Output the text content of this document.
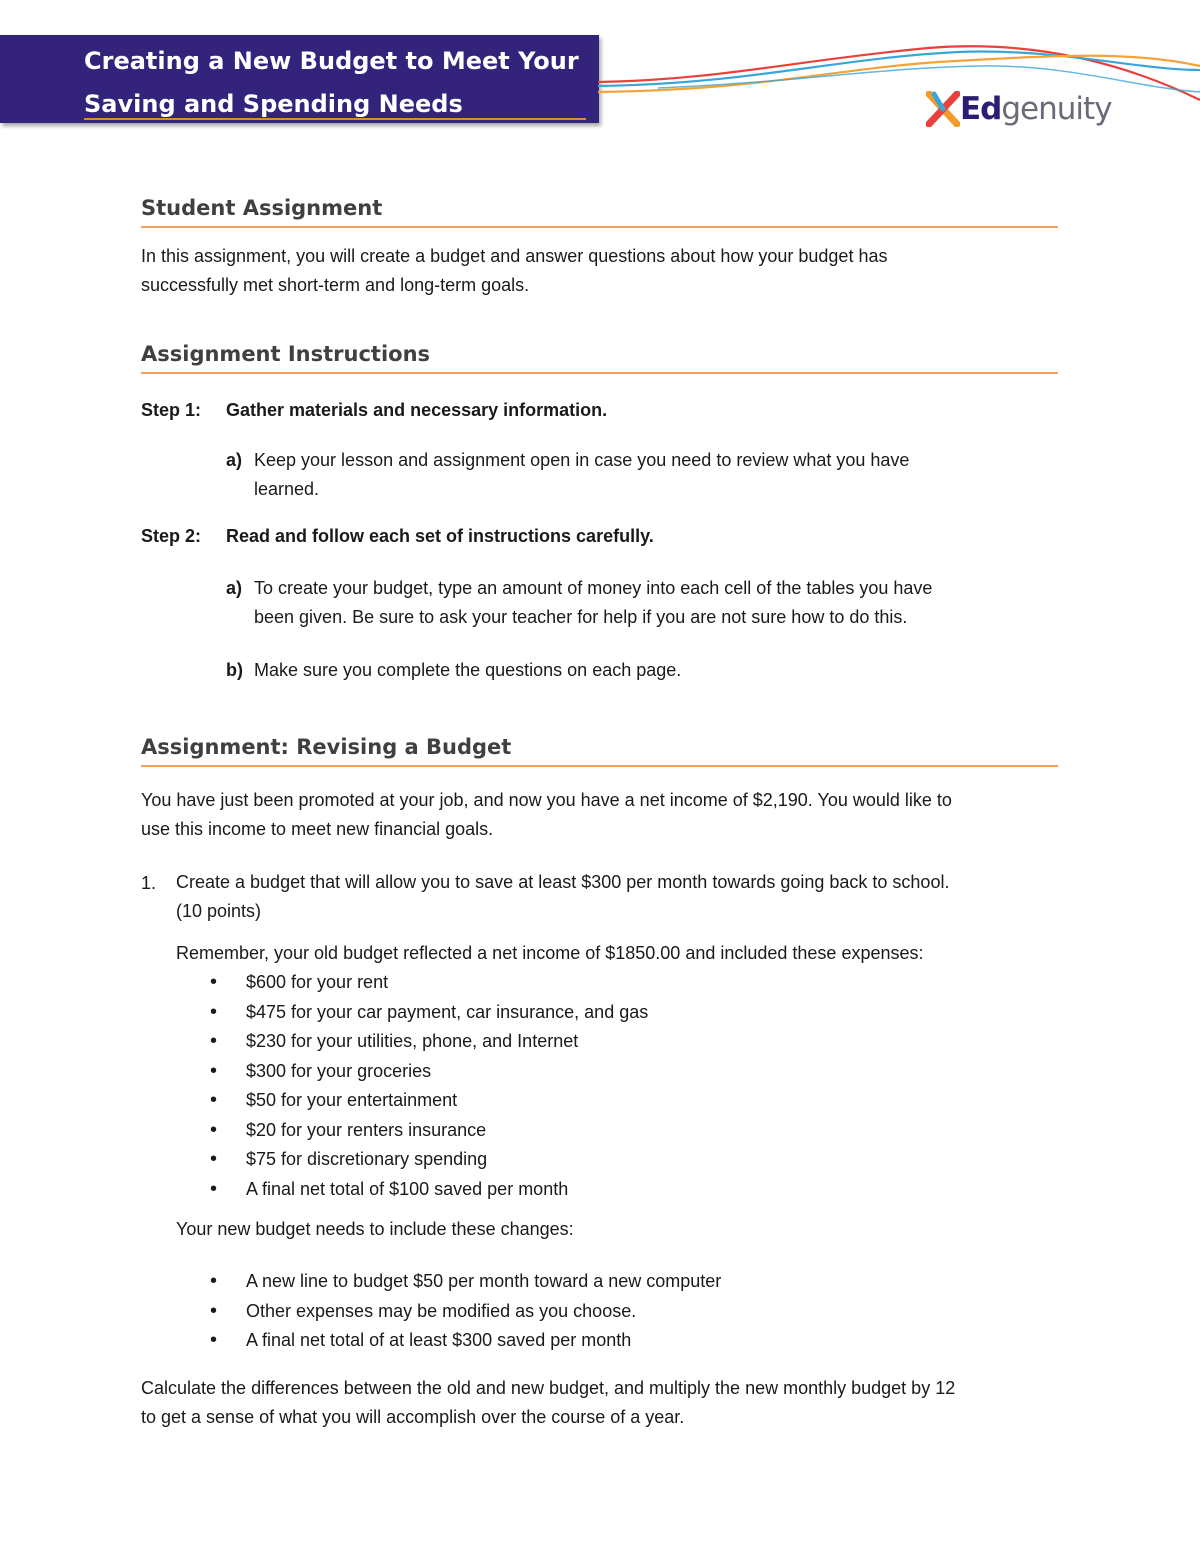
Creating a New Budget to Meet Your
Saving and Spending Needs	Edgenuity
Student Assignment
In this assignment, you will create a budget and answer questions about how your budget has
successfully met short-term and long-term goals.
Assignment Instructions
Step 1: Gather materials and necessary information.
a) Keep your lesson and assignment open in case you need to review what you have
learned.
Step 2: Read and follow each set of instructions carefully.
a) To create your budget, type an amount of money into each cell of the tables you have
been given. Be sure to ask your teacher for help if you are not sure how to do this.
b) Make sure you complete the questions on each page.
Assignment: Revising a Budget
You have just been promoted at your job, and now you have a net income of $2,190. You would like to
use this income to meet new financial goals.
1. Create a budget that will allow you to save at least $300 per month towards going back to school.
(10 points)
Remember, your old budget reflected a net income of $1850.00 and included these expenses:
• $600 for your rent
• $475 for your car payment, car insurance, and gas
• $230 for your utilities, phone, and Internet
• $300 for your groceries
• $50 for your entertainment
• $20 for your renters insurance
• $75 for discretionary spending
• A final net total of $100 saved per month
Your new budget needs to include these changes:
• A new line to budget $50 per month toward a new computer
• Other expenses may be modified as you choose.
• A final net total of at least $300 saved per month
Calculate the differences between the old and new budget, and multiply the new monthly budget by 12
to get a sense of what you will accomplish over the course of a year.
